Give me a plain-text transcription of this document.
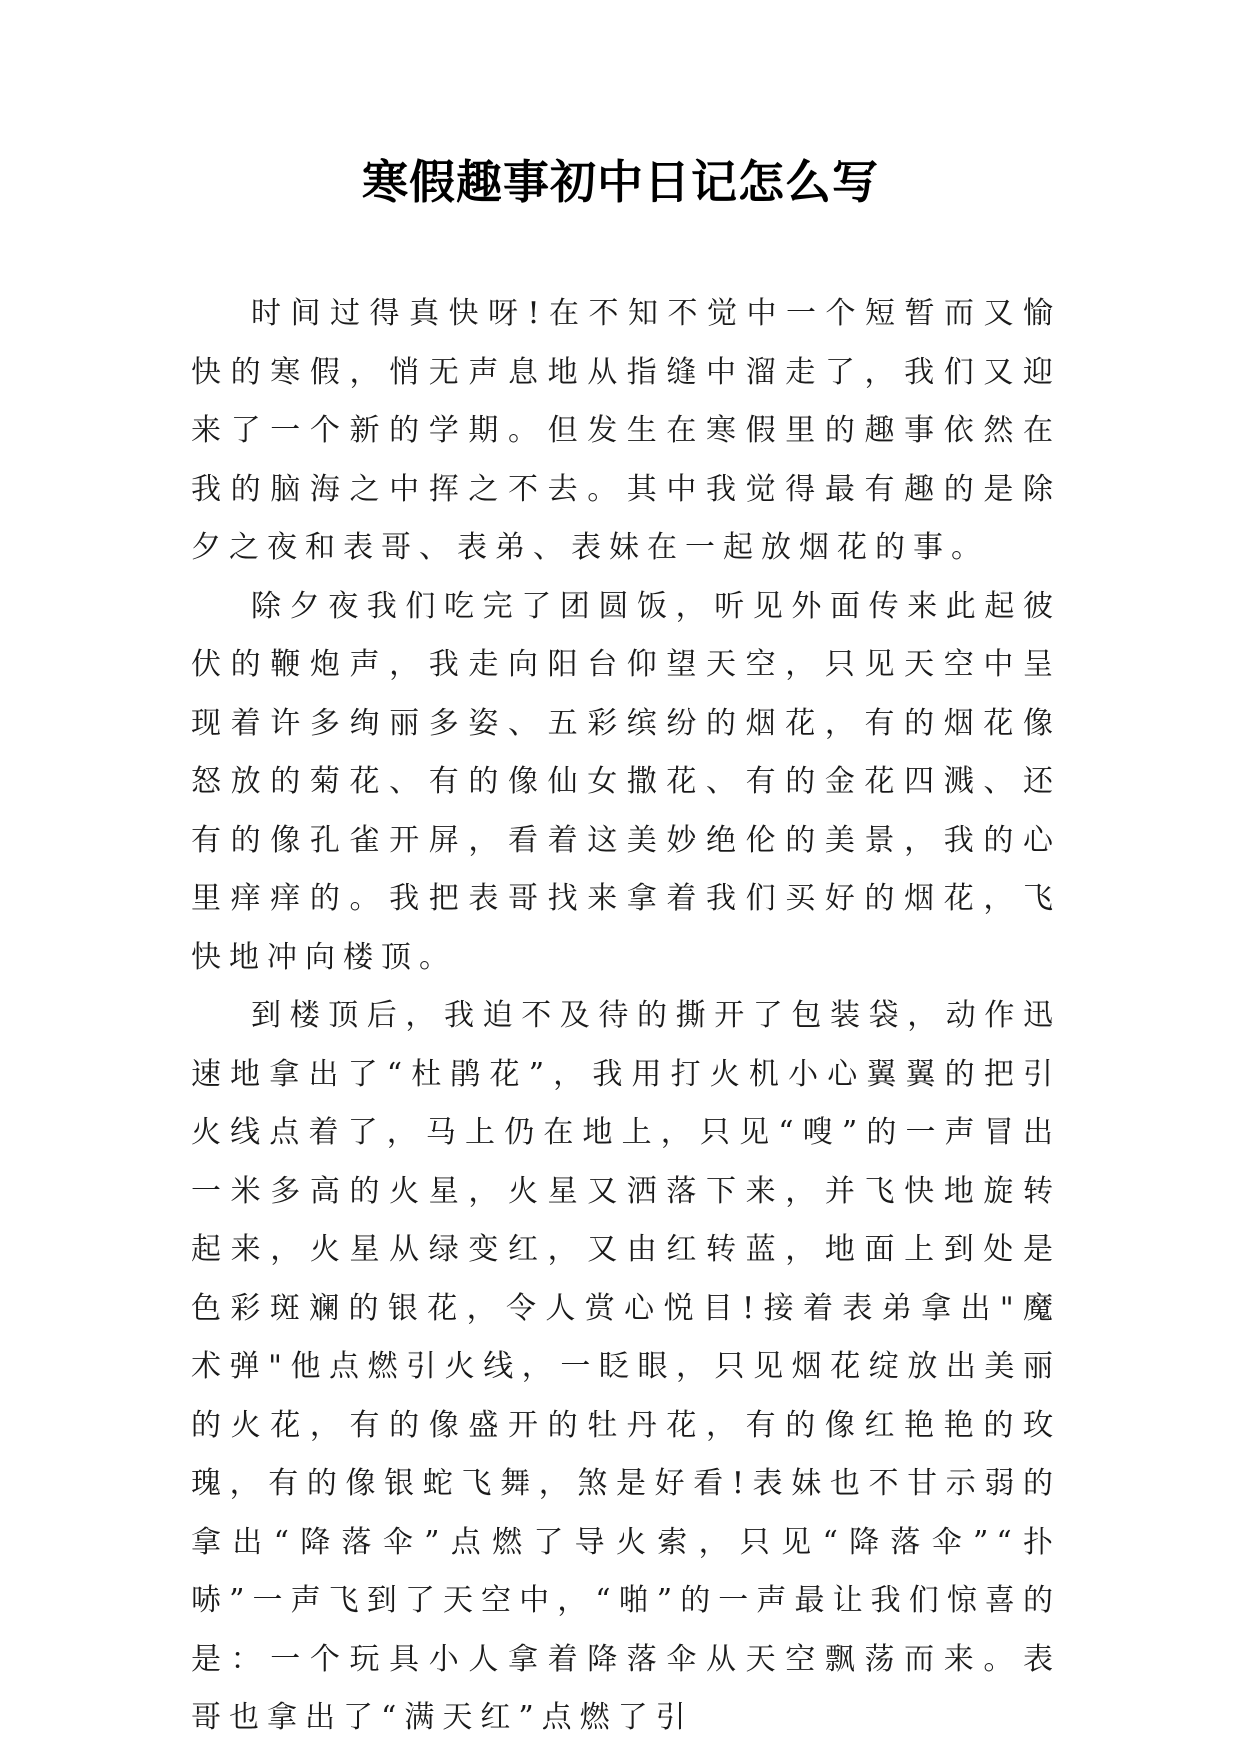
寒假趣事初中日记怎么写

时间过得真快呀!在不知不觉中一个短暂而又愉快的寒假，悄无声息地从指缝中溜走了，我们又迎来了一个新的学期。但发生在寒假里的趣事依然在我的脑海之中挥之不去。其中我觉得最有趣的是除夕之夜和表哥、表弟、表妹在一起放烟花的事。

除夕夜我们吃完了团圆饭，听见外面传来此起彼伏的鞭炮声，我走向阳台仰望天空，只见天空中呈现着许多绚丽多姿、五彩缤纷的烟花，有的烟花像怒放的菊花、有的像仙女撒花、有的金花四溅、还有的像孔雀开屏，看着这美妙绝伦的美景，我的心里痒痒的。我把表哥找来拿着我们买好的烟花，飞快地冲向楼顶。

到楼顶后，我迫不及待的撕开了包装袋，动作迅速地拿出了“杜鹃花”，我用打火机小心翼翼的把引火线点着了，马上仍在地上，只见“嗖”的一声冒出一米多高的火星，火星又洒落下来，并飞快地旋转起来，火星从绿变红，又由红转蓝，地面上到处是色彩斑斓的银花，令人赏心悦目!接着表弟拿出"魔术弹"他点燃引火线，一眨眼，只见烟花绽放出美丽的火花，有的像盛开的牡丹花，有的像红艳艳的玫瑰，有的像银蛇飞舞，煞是好看!表妹也不甘示弱的拿出“降落伞”点燃了导火索，只见“降落伞”“扑哧”一声飞到了天空中，“啪”的一声最让我们惊喜的是：一个玩具小人拿着降落伞从天空飘荡而来。表哥也拿出了“满天红”点燃了引
